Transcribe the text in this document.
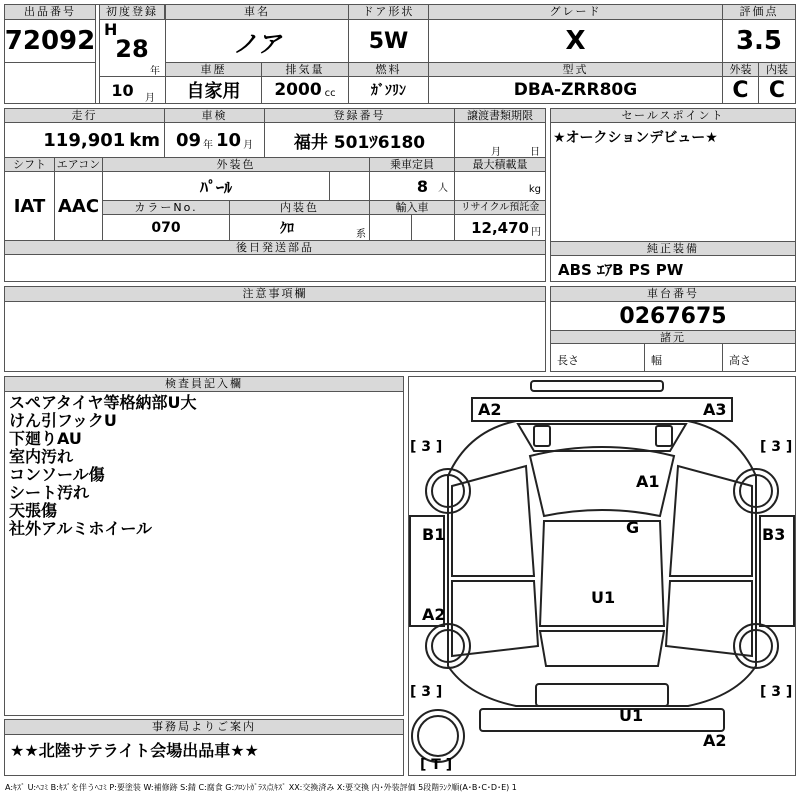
出品番号
72092
初度登録
H
28
年
10	月
車名
ノア
ドア形状
5W
グレード
X
評価点
3.5
車歴
自家用
排気量
2000 cc
燃料
ｶﾞｿﾘﾝ
型式
DBA-ZRR80G
外装
C
内装
C
走行
119,901 km
車検
09 年 10 月
登録番号
福井 501ﾂ6180
譲渡書類期限
月	日
シフト
IAT
エアコン
AAC
外装色
ﾊﾟｰﾙ
乗車定員
8 人
最大積載量
kg
カラーNo.
070
内装色
ｸﾛ	系
輸入車	リサイクル預託金
12,470 円
後日発送部品
セールスポイント
★オークションデビュー★
純正装備
ABS ｴｱB PS PW
注意事項欄	車台番号
0267675
諸元
長さ	幅	高さ
検査員記入欄
スペアタイヤ等格納部U大
けん引フックU
下廻りAU
室内汚れ
コンソール傷
シート汚れ
天張傷
社外アルミホイール
事務局よりご案内
★★北陸サテライト会場出品車★★
A2	A3
A1
G
B1	B3
U1
A2
U1
A2
[ 3 ]	[ 3 ]
[ 3 ]	[ 3 ]
[ T ]
A:ｷｽﾞ U:ﾍｺﾐ B:ｷｽﾞを伴うﾍｺﾐ P:要塗装 W:補修跡 S:錆 C:腐食 G:ﾌﾛﾝﾄｶﾞﾗｽ点ｷｽﾞ XX:交換済み X:要交換 内･外装評価 5段階ﾗﾝｸ順(A･B･C･D･E) 1
